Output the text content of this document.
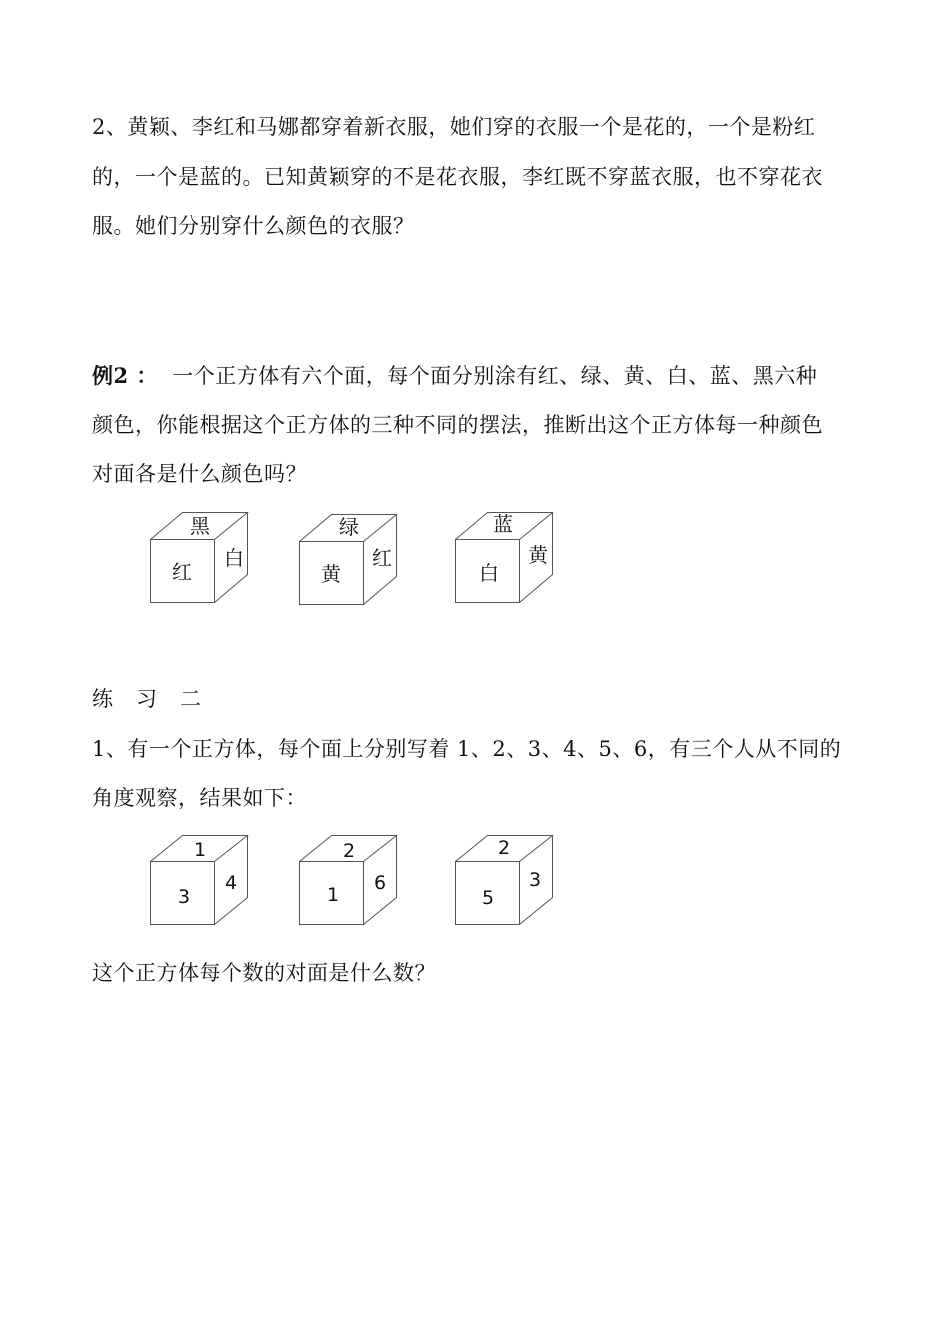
2、黄颖、李红和马娜都穿着新衣服，她们穿的衣服一个是花的，一个是粉红
的，一个是蓝的。已知黄颖穿的不是花衣服，李红既不穿蓝衣服，也不穿花衣
服。她们分别穿什么颜色的衣服？
例2 ： 一个正方体有六个面，每个面分别涂有红、绿、黄、白、蓝、黑六种
颜色，你能根据这个正方体的三种不同的摆法，推断出这个正方体每一种颜色
对面各是什么颜色吗？
黑
红
白
绿
黄
红
蓝
白
黄
练　习　二
1、有一个正方体，每个面上分别写着 1、2、3、4、5、6，有三个人从不同的
角度观察，结果如下：
1
3
4
2
1
6
2
5
3
这个正方体每个数的对面是什么数？
